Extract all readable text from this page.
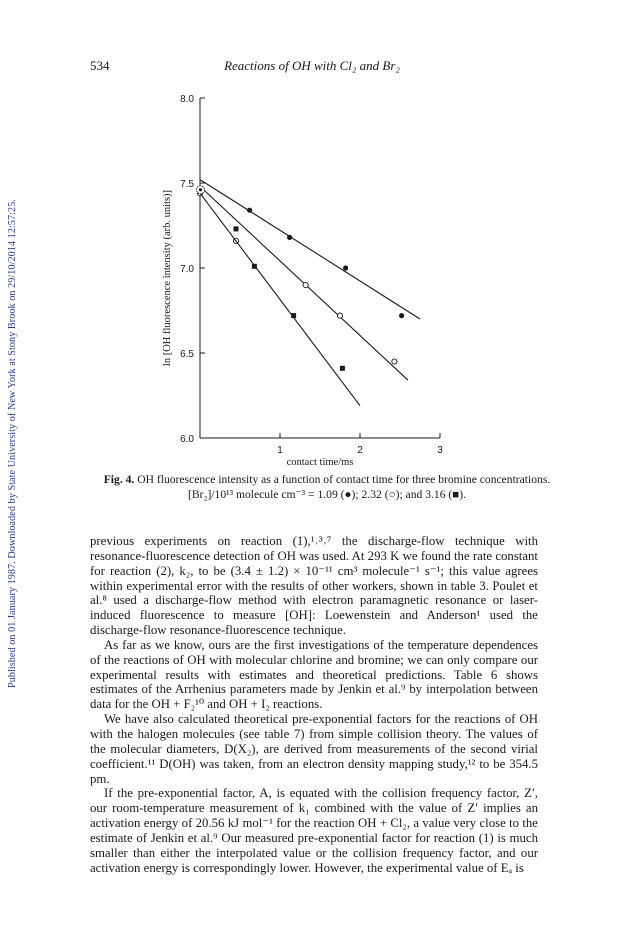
Published on 01 January 1987. Downloaded by State University of New York at Stony Brook on 29/10/2014 12:57:25.
534	Reactions of OH with Cl₂ and Br₂
6.0
6.5
7.0
7.5
8.0
1	2	3
contact time/ms
ln [OH fluorescence intensity (arb. units)]
Fig. 4. OH fluorescence intensity as a function of contact time for three bromine concentrations.
[Br₂]/10¹³ molecule cm⁻³ = 1.09 (●); 2.32 (○); and 3.16 (■).

previous experiments on reaction (1),¹˒³˒⁷ the discharge-flow technique with resonance-fluorescence detection of OH was used. At 293 K we found the rate constant for reaction (2), k₂, to be (3.4 ± 1.2) × 10⁻¹¹ cm³ molecule⁻¹ s⁻¹; this value agrees within experimental error with the results of other workers, shown in table 3. Poulet et al.⁸ used a discharge-flow method with electron paramagnetic resonance or laser-induced fluorescence to measure [OH]: Loewenstein and Anderson¹ used the discharge-flow resonance-fluorescence technique.

As far as we know, ours are the first investigations of the temperature dependences of the reactions of OH with molecular chlorine and bromine; we can only compare our experimental results with estimates and theoretical predictions. Table 6 shows estimates of the Arrhenius parameters made by Jenkin et al.⁹ by interpolation between data for the OH + F₂¹⁰ and OH + I₂ reactions.

We have also calculated theoretical pre-exponential factors for the reactions of OH with the halogen molecules (see table 7) from simple collision theory. The values of the molecular diameters, D(X₂), are derived from measurements of the second virial coefficient.¹¹ D(OH) was taken, from an electron density mapping study,¹² to be 354.5 pm.

If the pre-exponential factor, A, is equated with the collision frequency factor, Z′, our room-temperature measurement of k₁ combined with the value of Z′ implies an activation energy of 20.56 kJ mol⁻¹ for the reaction OH + Cl₂, a value very close to the estimate of Jenkin et al.⁹ Our measured pre-exponential factor for reaction (1) is much smaller than either the interpolated value or the collision frequency factor, and our activation energy is correspondingly lower. However, the experimental value of Eₐ is
